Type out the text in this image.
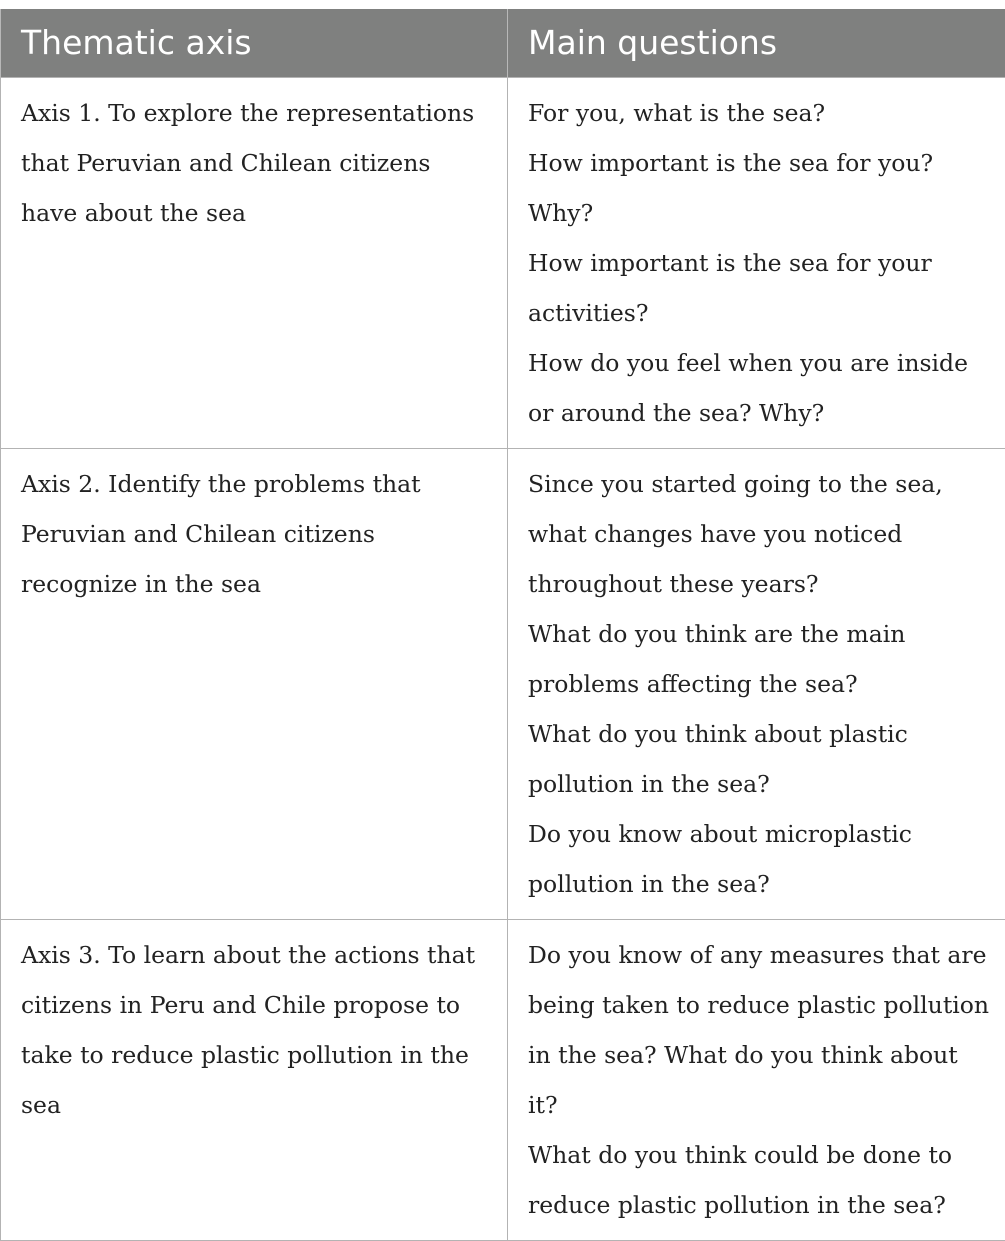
Thematic axis	Main questions
Axis 1. To explore the representations that Peruvian and Chilean citizens have about the sea	For you, what is the sea?
How important is the sea for you? Why?
How important is the sea for your activities?
How do you feel when you are inside or around the sea? Why?

Axis 2. Identify the problems that Peruvian and Chilean citizens recognize in the sea	Since you started going to the sea, what changes have you noticed throughout these years?
What do you think are the main problems affecting the sea?
What do you think about plastic pollution in the sea?
Do you know about microplastic pollution in the sea?

Axis 3. To learn about the actions that citizens in Peru and Chile propose to take to reduce plastic pollution in the sea	Do you know of any measures that are being taken to reduce plastic pollution in the sea? What do you think about it?
What do you think could be done to reduce plastic pollution in the sea?
